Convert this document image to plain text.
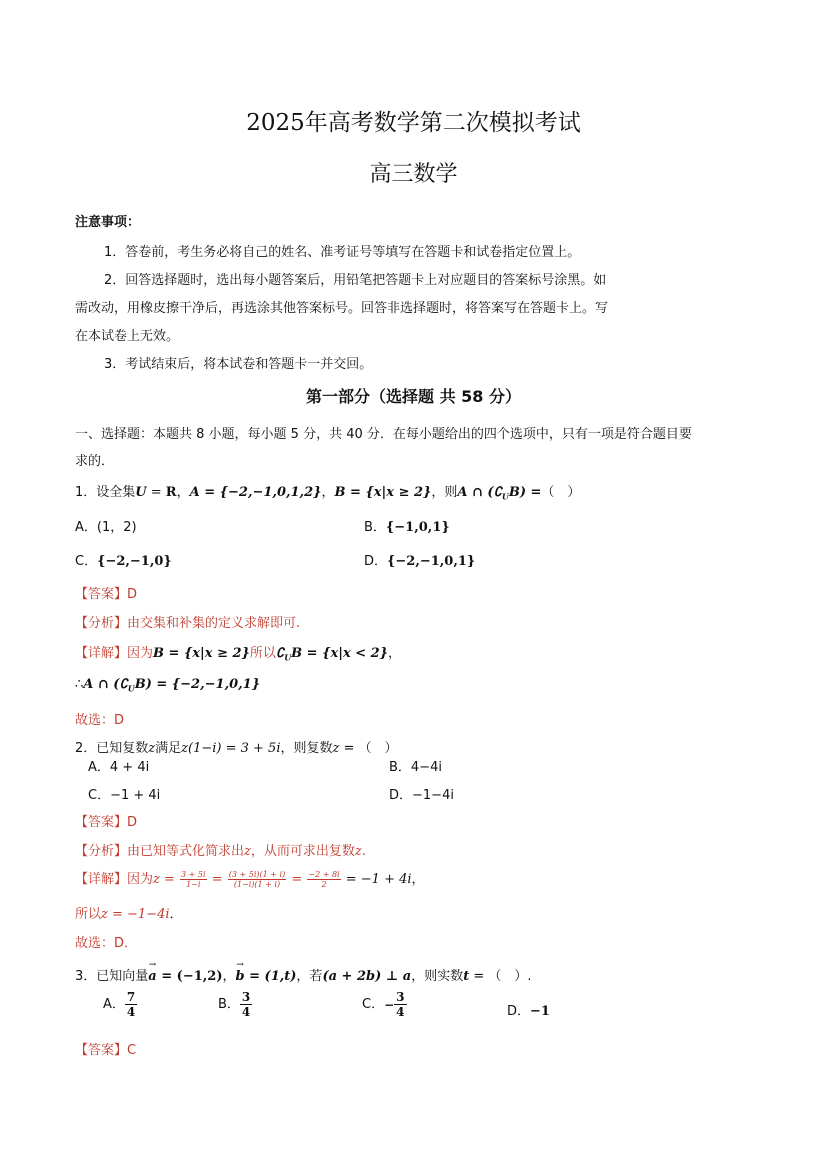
2025年高考数学第二次模拟考试
高三数学
注意事项：
1．答卷前，考生务必将自己的姓名、准考证号等填写在答题卡和试卷指定位置上。
2．回答选择题时，选出每小题答案后，用铅笔把答题卡上对应题目的答案标号涂黑。如
需改动，用橡皮擦干净后，再选涂其他答案标号。回答非选择题时，将答案写在答题卡上。写
在本试卷上无效。
3．考试结束后，将本试卷和答题卡一并交回。
第一部分（选择题 共 58 分）
一、选择题：本题共 8 小题，每小题 5 分，共 40 分．在每小题给出的四个选项中，只有一项是符合题目要
求的．
1．设全集U = R，A = {−2,−1,0,1,2}，B = {x|x ≥ 2}，则A ∩ $(∁_UB)$ =（　）
A．(1，2)	B．{−1,0,1}
C．{−2,−1,0}	D．{−2,−1,0,1}
【答案】D
【分析】由交集和补集的定义求解即可.
【详解】因为B = {x|x ≥ 2}所以$∁_UB = \{x|x < 2\}$，
∴A ∩ $(∁_UB) = \{-2,-1,0,1\}$
故选：D
2．已知复数z满足z(1−i) = 3 + 5i，则复数z = （　）
A．4 + 4i	B．4−4i
C．−1 + 4i	D．−1−4i
【答案】D
【分析】由已知等式化简求出z，从而可求出复数z.
【详解】因为$z = \frac{3 + 5i}{1-i} = \frac{(3 + 5i)(1 + i)}{(1-i)(1 + i)} = \frac{-2 + 8i}{2} = -1 + 4i$，
所以z = −1−4i．
故选：D．
3．已知向量→ a = (−1,2)，→ b = (1,t)，若(a + 2b) ⊥ a，则实数t = （　）.
A． $\frac{7}{4}$	B． $\frac{3}{4}$	C．− $\frac{3}{4}$	D．−1
【答案】C
